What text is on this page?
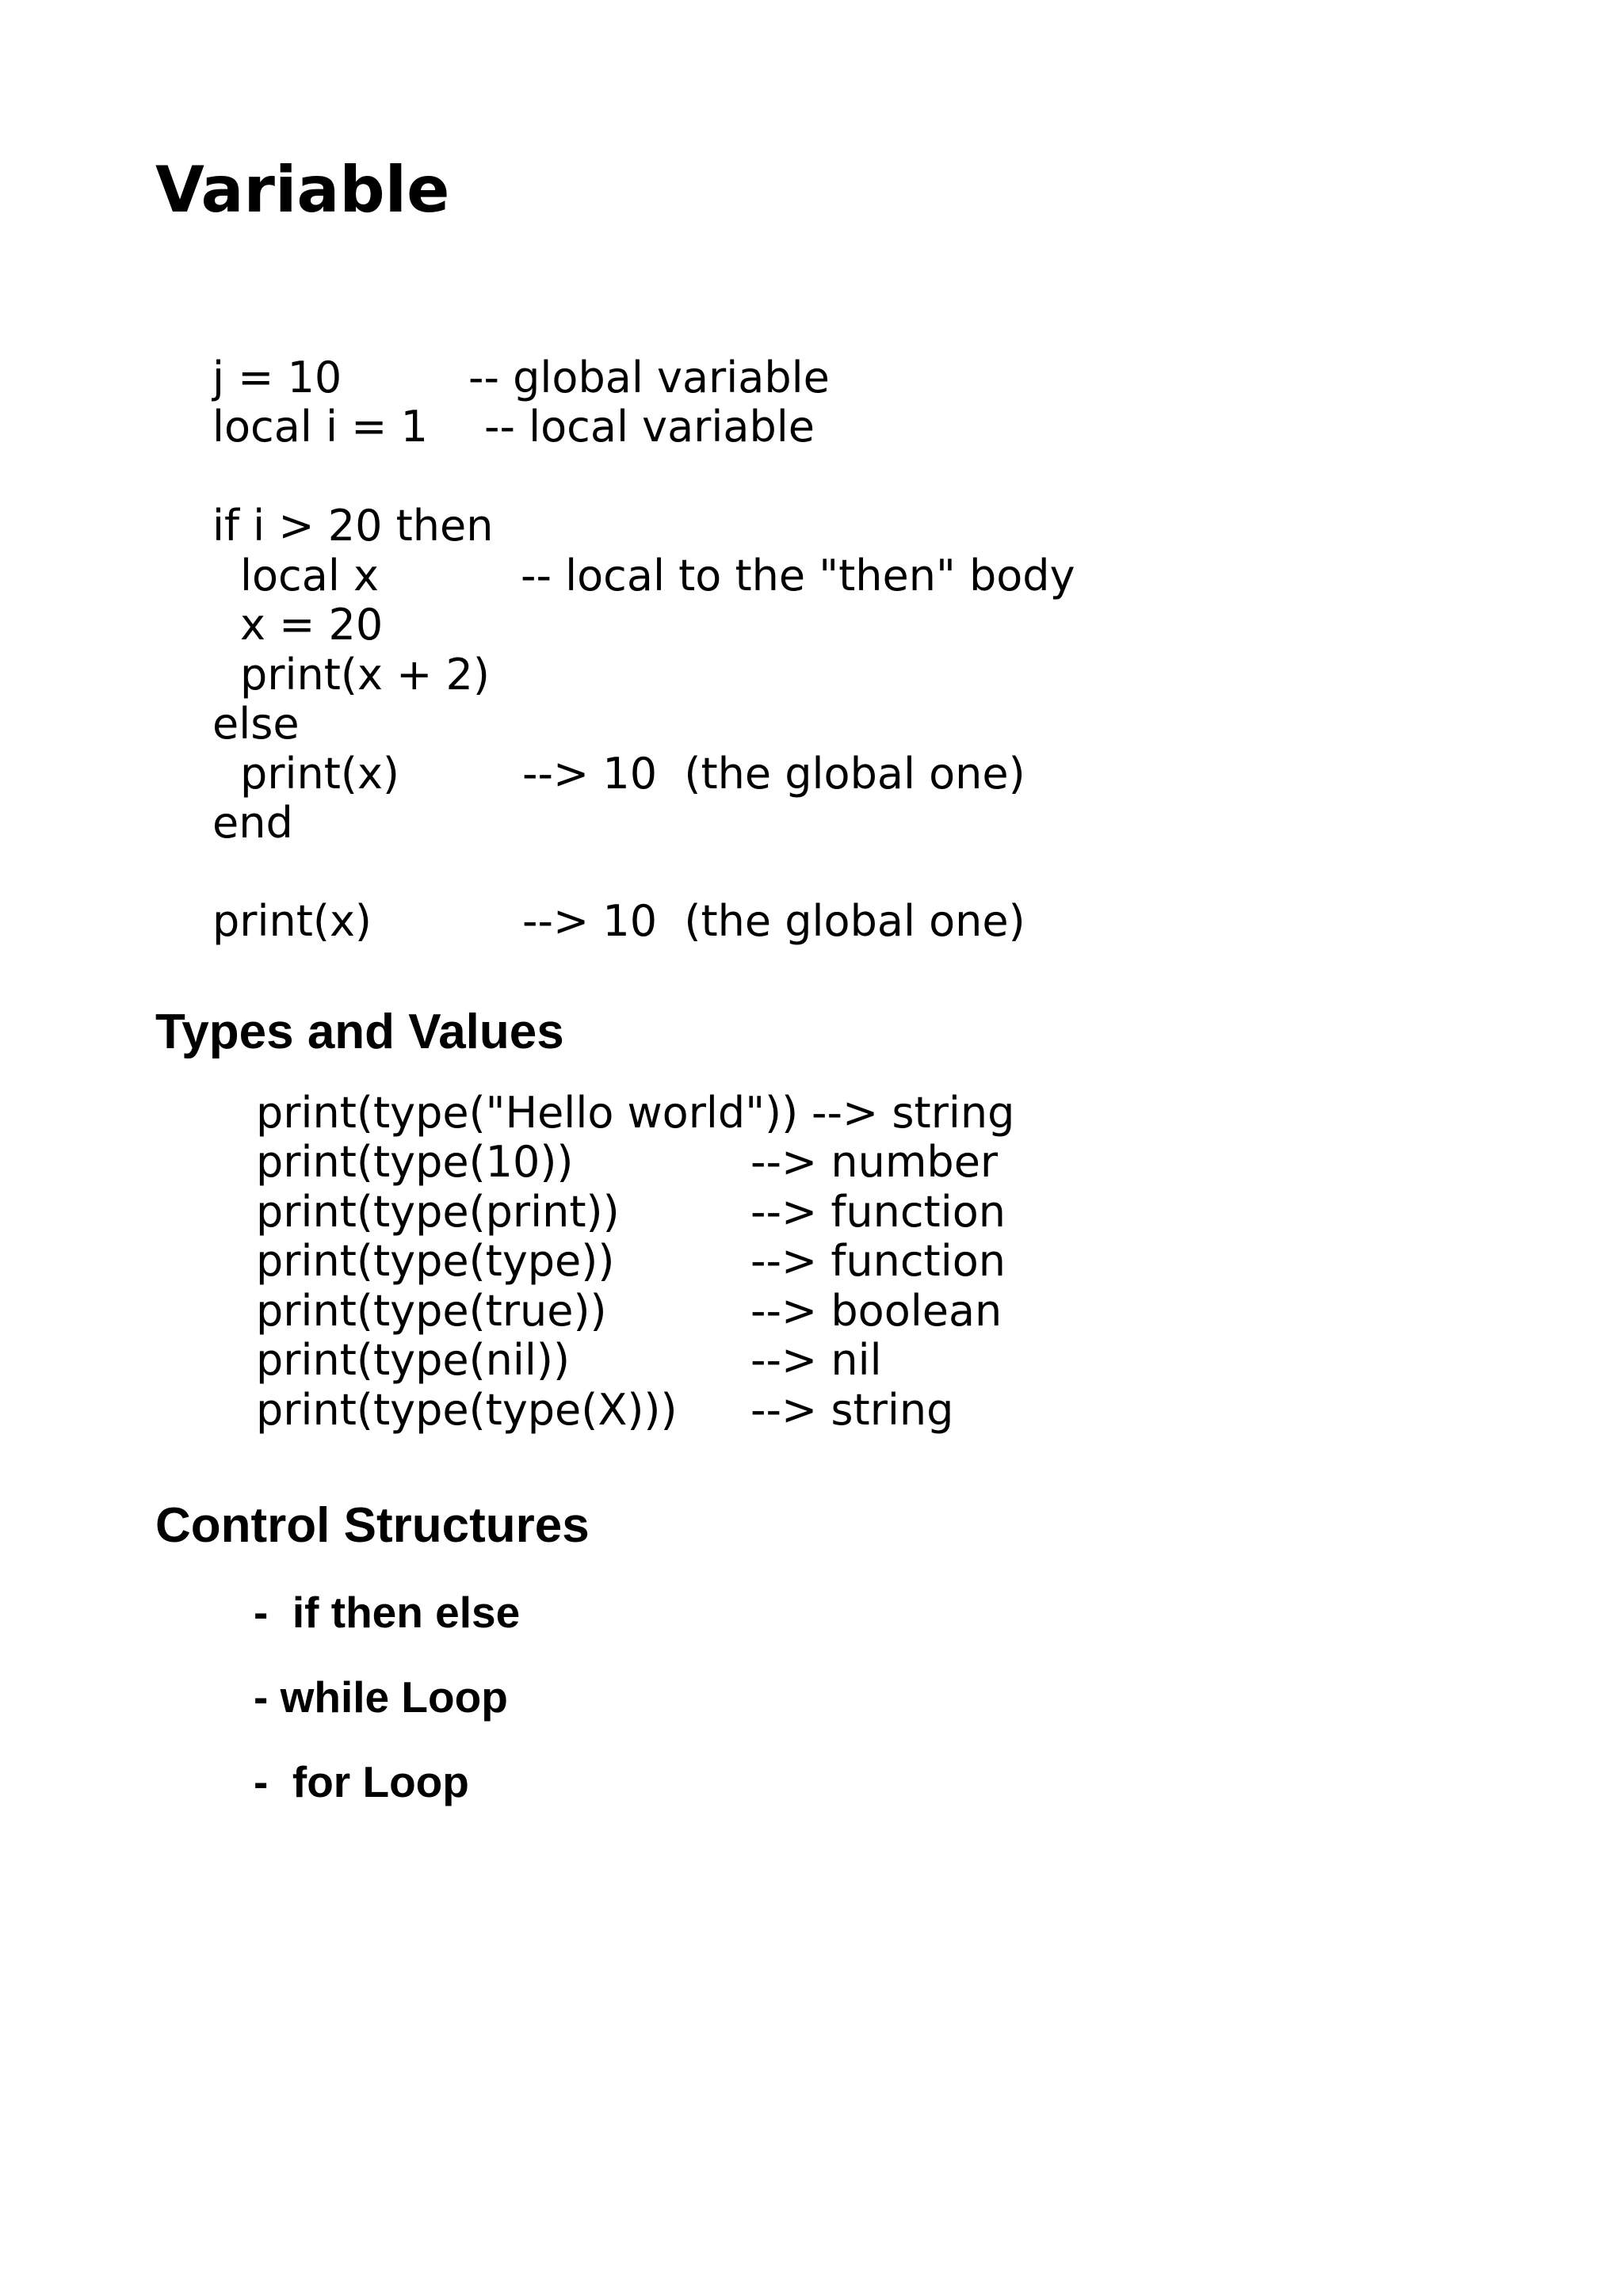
Variable
j = 10	-- global variable
local i = 1 -- local variable
if i > 20 then
local x	-- local to the "then" body
x = 20
print(x + 2)
else
print(x)	--> 10  (the global one)
end
print(x)	--> 10  (the global one)
Types and Values
print(type("Hello world")) --> string
print(type(10))	--> number
print(type(print))	--> function
print(type(type))	--> function
print(type(true))	--> boolean
print(type(nil))	--> nil
print(type(type(X))) --> string
Control Structures
-  if then else
- while Loop
-  for Loop
